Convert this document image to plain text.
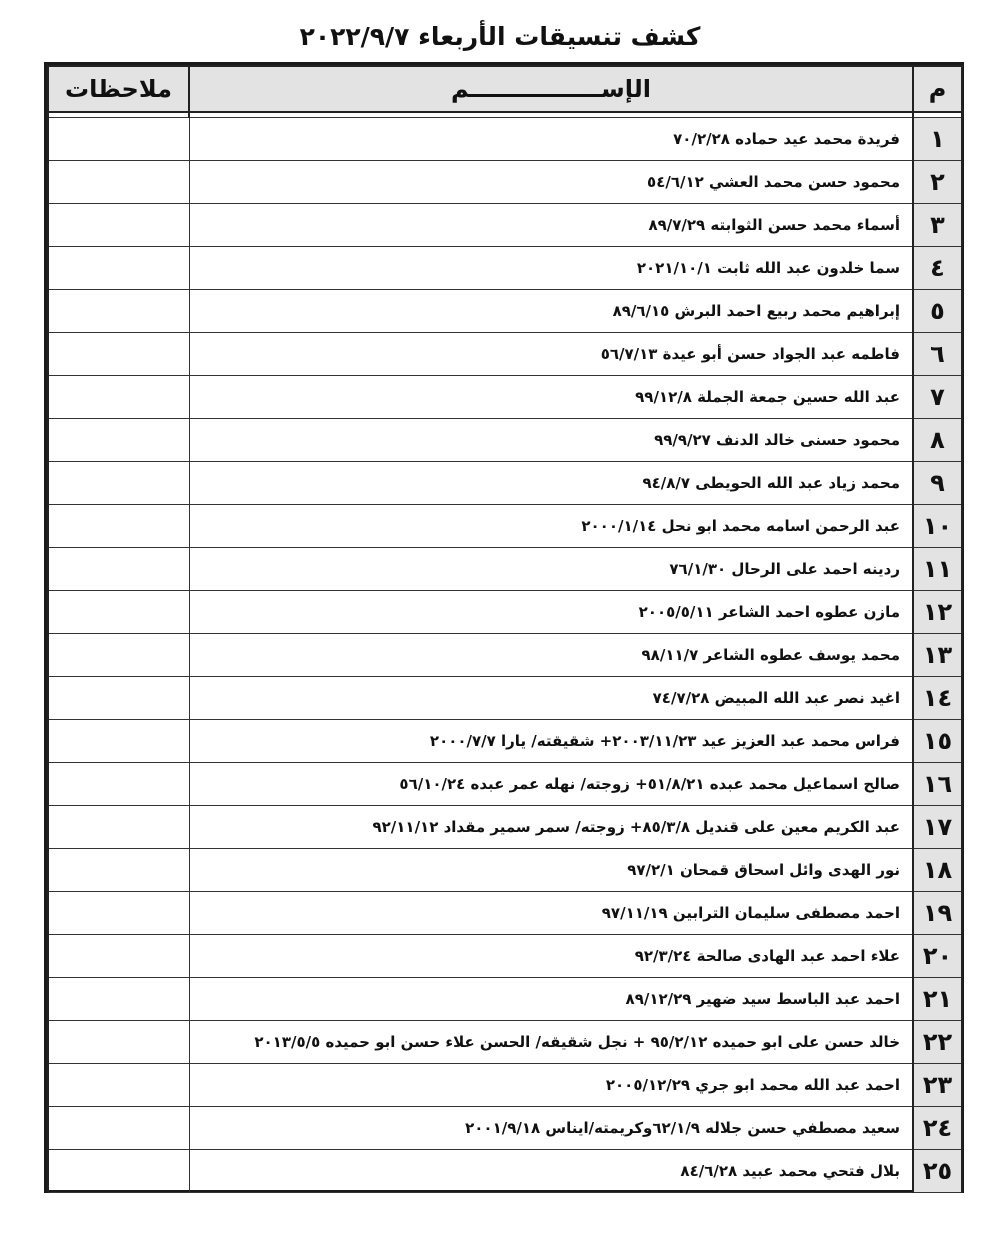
كشف تنسيقات الأربعاء ٢٠٢٢/٩/٧
م	الإســــــــــــــــم	ملاحظات

١	فريدة محمد عيد حماده ٧٠/٢/٢٨	
٢	محمود حسن محمد العشي ٥٤/٦/١٢	
٣	أسماء محمد حسن الثوابته ٨٩/٧/٢٩	
٤	سما خلدون عبد الله ثابت ٢٠٢١/١٠/١	
٥	إبراهيم محمد ربيع احمد البرش ٨٩/٦/١٥	
٦	فاطمه عبد الجواد حسن أبو عيدة ٥٦/٧/١٣	
٧	عبد الله حسين جمعة الجملة ٩٩/١٢/٨	
٨	محمود حسنى خالد الدنف ٩٩/٩/٢٧	
٩	محمد زياد عبد الله الحويطى ٩٤/٨/٧	
١٠	عبد الرحمن اسامه محمد ابو نحل ٢٠٠٠/١/١٤	
١١	ردينه احمد على الرحال ٧٦/١/٣٠	
١٢	مازن عطوه احمد الشاعر ٢٠٠٥/٥/١١	
١٣	محمد يوسف عطوه الشاعر ٩٨/١١/٧	
١٤	اغيد نصر عبد الله المبيض ٧٤/٧/٢٨	
١٥	فراس محمد عبد العزيز عيد ٢٠٠٣/١١/٢٣+ شقيقته/ يارا ٢٠٠٠/٧/٧	
١٦	صالح اسماعيل محمد عبده ٥١/٨/٢١+ زوجته/ نهله عمر عبده ٥٦/١٠/٢٤	
١٧	عبد الكريم معين على قنديل ٨٥/٣/٨+ زوجته/ سمر سمير مقداد ٩٢/١١/١٢	
١٨	نور الهدى وائل اسحاق قمحان ٩٧/٢/١	
١٩	احمد مصطفى سليمان الترابين ٩٧/١١/١٩	
٢٠	علاء احمد عبد الهادى صالحة ٩٢/٣/٢٤	
٢١	احمد عبد الباسط سيد ضهير ٨٩/١٢/٢٩	
٢٢	خالد حسن على ابو حميده ٩٥/٢/١٢ + نجل شقيقه/ الحسن علاء حسن ابو حميده ٢٠١٣/٥/٥	
٢٣	احمد عبد الله محمد ابو جري ٢٠٠٥/١٢/٢٩	
٢٤	سعيد مصطفي حسن جلاله ٦٢/١/٩وكريمته/ايناس ٢٠٠١/٩/١٨	
٢٥	بلال فتحي محمد عبيد ٨٤/٦/٢٨	
